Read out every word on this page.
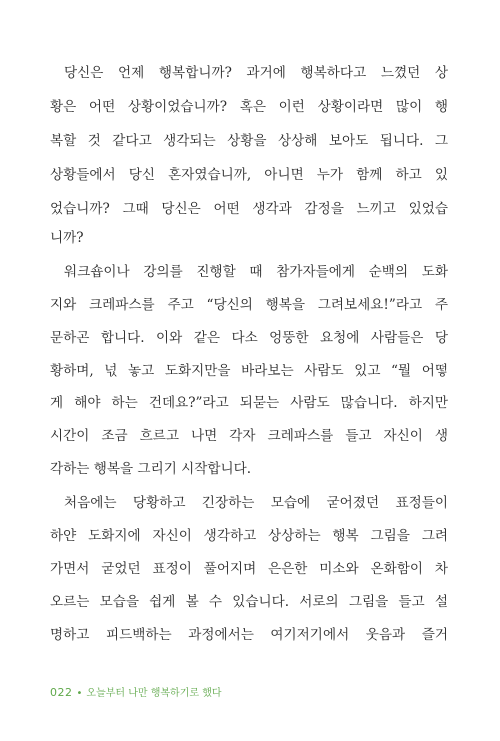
당신은 언제 행복합니까? 과거에 행복하다고 느꼈던 상
황은 어떤 상황이었습니까? 혹은 이런 상황이라면 많이 행
복할 것 같다고 생각되는 상황을 상상해 보아도 됩니다. 그
상황들에서 당신 혼자였습니까, 아니면 누가 함께 하고 있
었습니까? 그때 당신은 어떤 생각과 감정을 느끼고 있었습
니까?
워크숍이나 강의를 진행할 때 참가자들에게 순백의 도화
지와 크레파스를 주고 “당신의 행복을 그려보세요!”라고 주
문하곤 합니다. 이와 같은 다소 엉뚱한 요청에 사람들은 당
황하며, 넋 놓고 도화지만을 바라보는 사람도 있고 “뭘 어떻
게 해야 하는 건데요?”라고 되묻는 사람도 많습니다. 하지만
시간이 조금 흐르고 나면 각자 크레파스를 들고 자신이 생
각하는 행복을 그리기 시작합니다.
처음에는 당황하고 긴장하는 모습에 굳어졌던 표정들이
하얀 도화지에 자신이 생각하고 상상하는 행복 그림을 그려
가면서 굳었던 표정이 풀어지며 은은한 미소와 온화함이 차
오르는 모습을 쉽게 볼 수 있습니다. 서로의 그림을 들고 설
명하고 피드백하는 과정에서는 여기저기에서 웃음과 즐거
022 • 오늘부터 나만 행복하기로 했다
